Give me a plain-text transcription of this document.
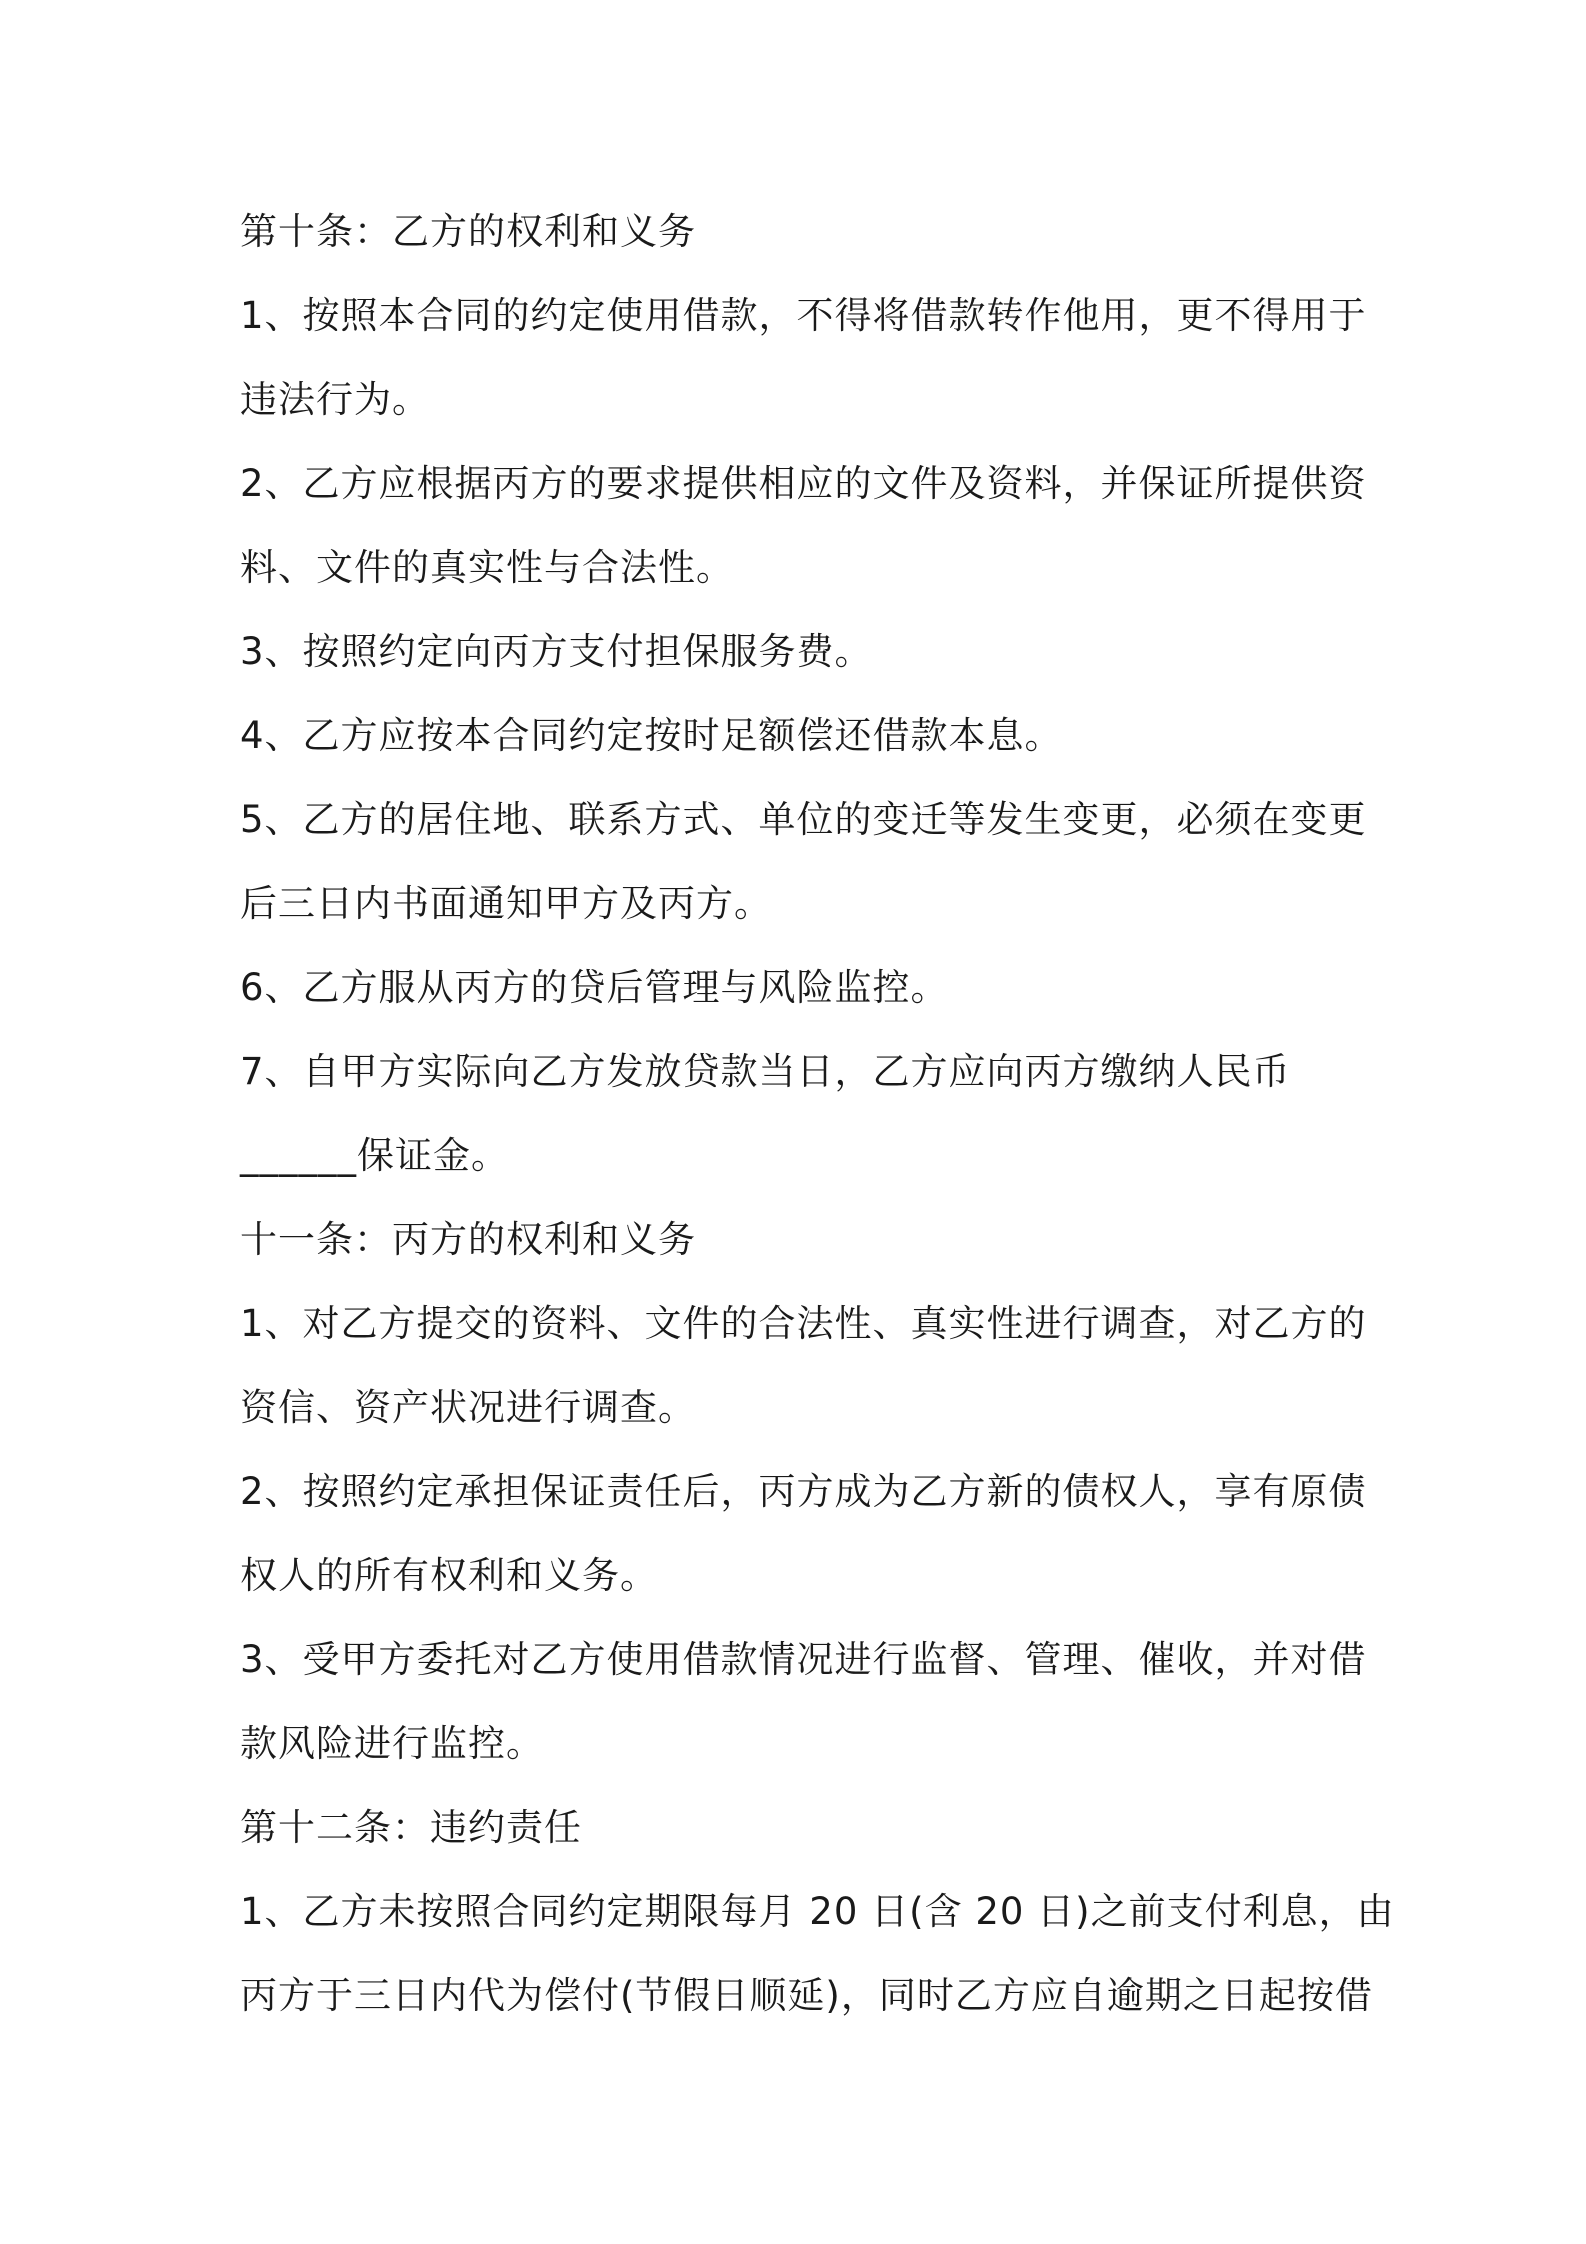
第十条：乙方的权利和义务
1、按照本合同的约定使用借款，不得将借款转作他用，更不得用于
违法行为。
2、乙方应根据丙方的要求提供相应的文件及资料，并保证所提供资
料、文件的真实性与合法性。
3、按照约定向丙方支付担保服务费。
4、乙方应按本合同约定按时足额偿还借款本息。
5、乙方的居住地、联系方式、单位的变迁等发生变更，必须在变更
后三日内书面通知甲方及丙方。
6、乙方服从丙方的贷后管理与风险监控。
7、自甲方实际向乙方发放贷款当日，乙方应向丙方缴纳人民币
______保证金。
十一条：丙方的权利和义务
1、对乙方提交的资料、文件的合法性、真实性进行调查，对乙方的
资信、资产状况进行调查。
2、按照约定承担保证责任后，丙方成为乙方新的债权人，享有原债
权人的所有权利和义务。
3、受甲方委托对乙方使用借款情况进行监督、管理、催收，并对借
款风险进行监控。
第十二条：违约责任
1、乙方未按照合同约定期限每月 20 日(含 20 日)之前支付利息，由
丙方于三日内代为偿付(节假日顺延)，同时乙方应自逾期之日起按借
